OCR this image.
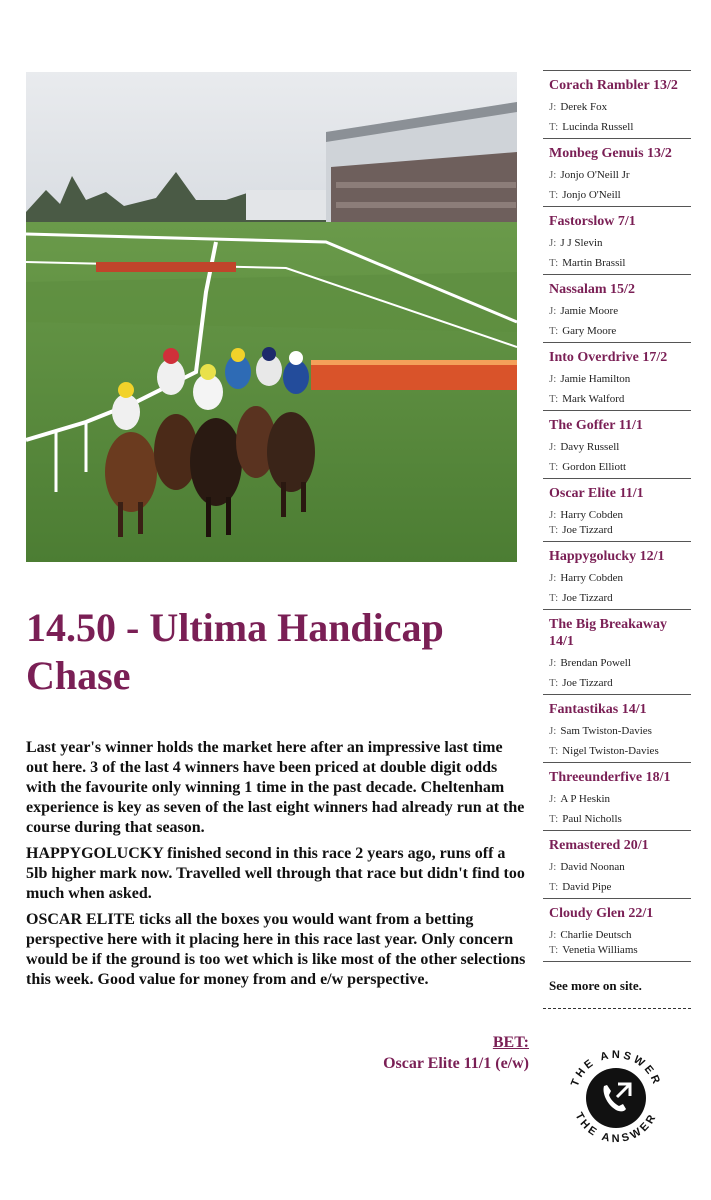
14.50 - Ultima Handicap Chase

Last year's winner holds the market here after an impressive last time out here. 3 of the last 4 winners have been priced at double digit odds with the favourite only winning 1 time in the past decade. Cheltenham experience is key as seven of the last eight winners had already run at the course during that season.

HAPPYGOLUCKY finished second in this race 2 years ago, runs off a 5lb higher mark now. Travelled well through that race but didn't find too much when asked.

OSCAR ELITE ticks all the boxes you would want from a betting perspective here with it placing here in this race last year. Only concern would be if the ground is too wet which is like most of the other selections this week. Good value for money from and e/w perspective.

BET:
Oscar Elite 11/1 (e/w)
Corach Rambler 13/2
J: Derek Fox
T: Lucinda Russell
Monbeg Genuis 13/2
J: Jonjo O'Neill Jr
T: Jonjo O'Neill
Fastorslow 7/1
J: J J Slevin
T: Martin Brassil
Nassalam 15/2
J: Jamie Moore
T: Gary Moore
Into Overdrive 17/2
J: Jamie Hamilton
T: Mark Walford
The Goffer 11/1
J: Davy Russell
T: Gordon Elliott
Oscar Elite 11/1
J: Harry Cobden
T: Joe Tizzard
Happygolucky 12/1
J: Harry Cobden
T: Joe Tizzard
The Big Breakaway 14/1
J: Brendan Powell
T: Joe Tizzard
Fantastikas 14/1
J: Sam Twiston-Davies
T: Nigel Twiston-Davies
Threeunderfive 18/1
J: A P Heskin
T: Paul Nicholls
Remastered 20/1
J: David Noonan
T: David Pipe
Cloudy Glen 22/1
J: Charlie Deutsch
T: Venetia Williams
See more on site.
THE ANSWER
THE ANSWER
